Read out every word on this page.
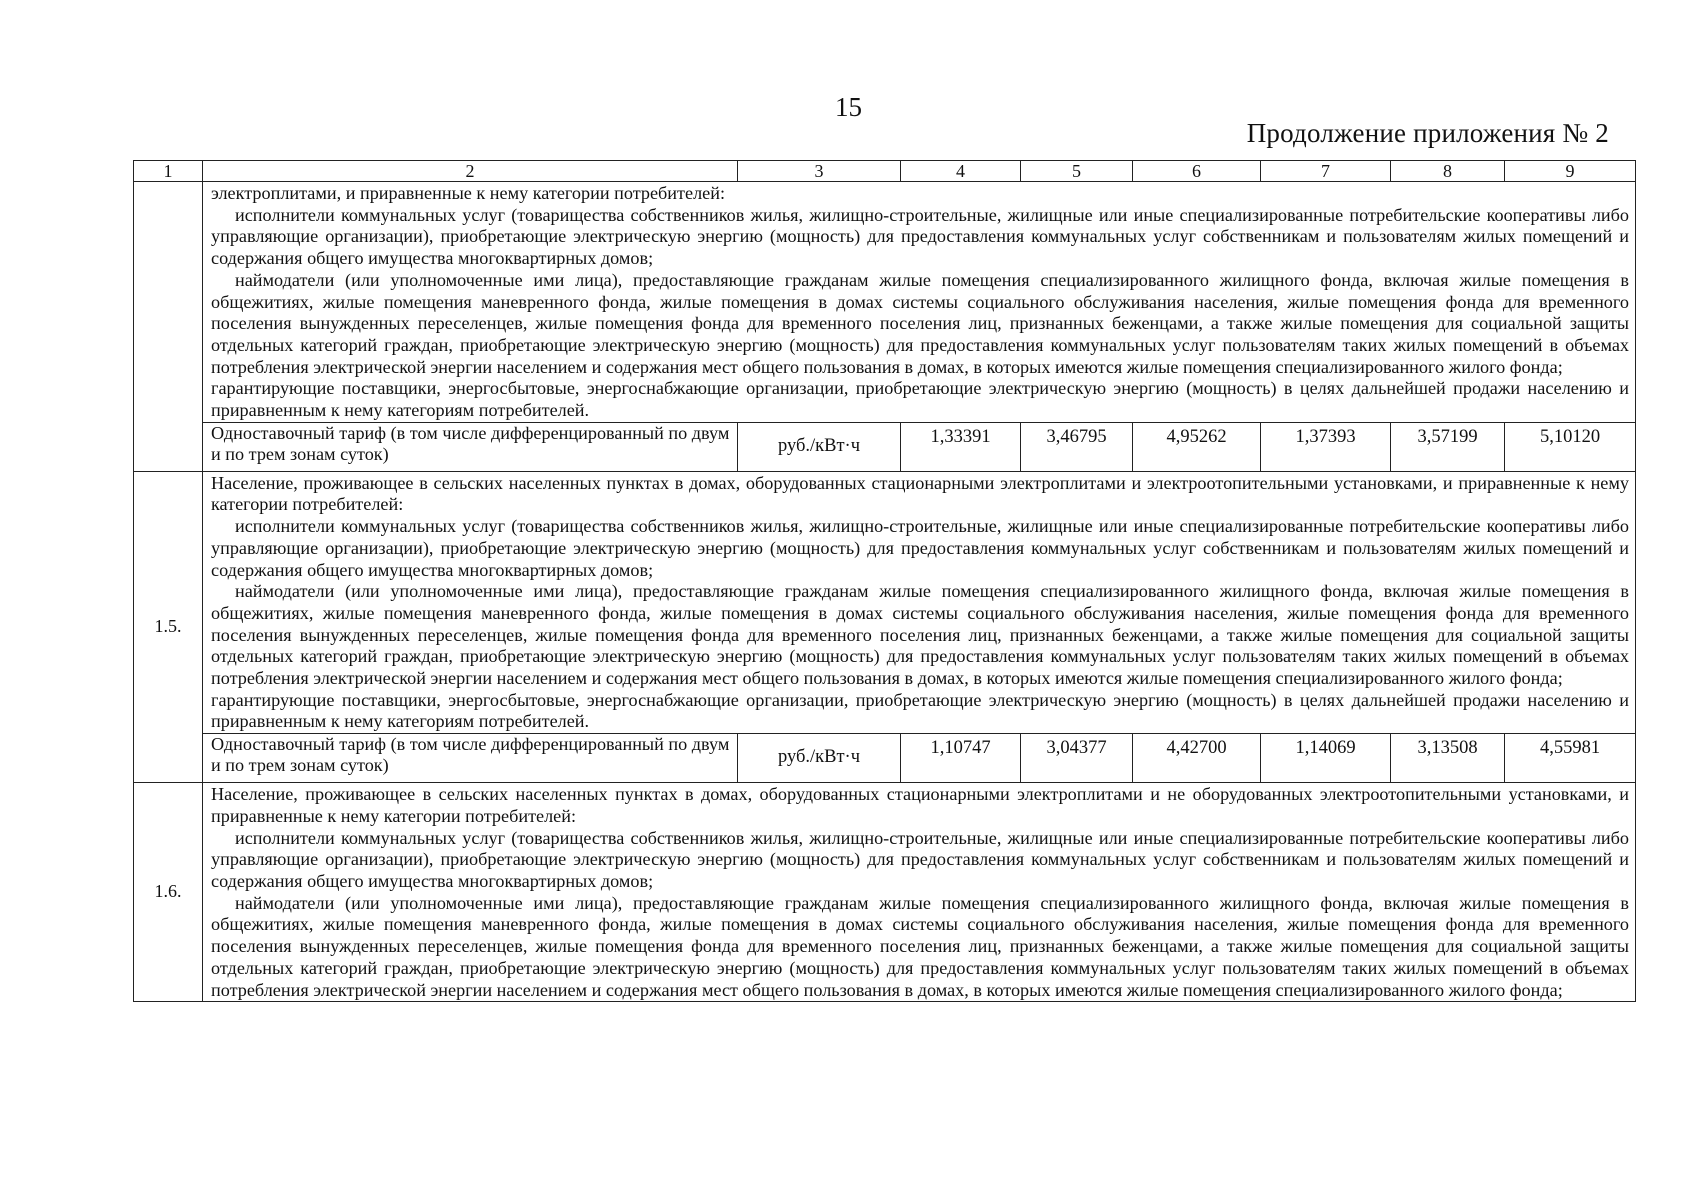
15
Продолжение приложения № 2
1	2	3	4	5	6	7	8	9

	электроплитами, и приравненные к нему категории потребителей:

исполнители коммунальных услуг (товарищества собственников жилья, жилищно-строительные, жилищные или иные специализированные потребительские кооперативы либо управляющие организации), приобретающие электрическую энергию (мощность) для предоставления коммунальных услуг собственникам и пользователям жилых помещений и содержания общего имущества многоквартирных домов;

наймодатели (или уполномоченные ими лица), предоставляющие гражданам жилые помещения специализированного жилищного фонда, включая жилые помещения в общежитиях, жилые помещения маневренного фонда, жилые помещения в домах системы социального обслуживания населения, жилые помещения фонда для временного поселения вынужденных переселенцев, жилые помещения фонда для временного поселения лиц, признанных беженцами, а также жилые помещения для социальной защиты отдельных категорий граждан, приобретающие электрическую энергию (мощность) для предоставления коммунальных услуг пользователям таких жилых помещений в объемах потребления электрической энергии населением и содержания мест общего пользования в домах, в которых имеются жилые помещения специализированного жилого фонда;

гарантирующие поставщики, энергосбытовые, энергоснабжающие организации, приобретающие электрическую энергию (мощность) в целях дальнейшей продажи населению и приравненным к нему категориям потребителей.							

	Одноставочный тариф (в том числе дифференцированный по двум и по трем зонам суток)	руб./кВт·ч	1,33391	3,46795	4,95262	1,37393	3,57199	5,10120
1.5.	Население, проживающее в сельских населенных пунктах в домах, оборудованных стационарными электроплитами и электроотопительными установками, и приравненные к нему категории потребителей:

исполнители коммунальных услуг (товарищества собственников жилья, жилищно-строительные, жилищные или иные специализированные потребительские кооперативы либо управляющие организации), приобретающие электрическую энергию (мощность) для предоставления коммунальных услуг собственникам и пользователям жилых помещений и содержания общего имущества многоквартирных домов;

наймодатели (или уполномоченные ими лица), предоставляющие гражданам жилые помещения специализированного жилищного фонда, включая жилые помещения в общежитиях, жилые помещения маневренного фонда, жилые помещения в домах системы социального обслуживания населения, жилые помещения фонда для временного поселения вынужденных переселенцев, жилые помещения фонда для временного поселения лиц, признанных беженцами, а также жилые помещения для социальной защиты отдельных категорий граждан, приобретающие электрическую энергию (мощность) для предоставления коммунальных услуг пользователям таких жилых помещений в объемах потребления электрической энергии населением и содержания мест общего пользования в домах, в которых имеются жилые помещения специализированного жилого фонда;

гарантирующие поставщики, энергосбытовые, энергоснабжающие организации, приобретающие электрическую энергию (мощность) в целях дальнейшей продажи населению и приравненным к нему категориям потребителей.							

	Одноставочный тариф (в том числе дифференцированный по двум и по трем зонам суток)	руб./кВт·ч	1,10747	3,04377	4,42700	1,14069	3,13508	4,55981
1.6.	Население, проживающее в сельских населенных пунктах в домах, оборудованных стационарными электроплитами и не оборудованных электроотопительными установками, и приравненные к нему категории потребителей:

исполнители коммунальных услуг (товарищества собственников жилья, жилищно-строительные, жилищные или иные специализированные потребительские кооперативы либо управляющие организации), приобретающие электрическую энергию (мощность) для предоставления коммунальных услуг собственникам и пользователям жилых помещений и содержания общего имущества многоквартирных домов;

наймодатели (или уполномоченные ими лица), предоставляющие гражданам жилые помещения специализированного жилищного фонда, включая жилые помещения в общежитиях, жилые помещения маневренного фонда, жилые помещения в домах системы социального обслуживания населения, жилые помещения фонда для временного поселения вынужденных переселенцев, жилые помещения фонда для временного поселения лиц, признанных беженцами, а также жилые помещения для социальной защиты отдельных категорий граждан, приобретающие электрическую энергию (мощность) для предоставления коммунальных услуг пользователям таких жилых помещений в объемах потребления электрической энергии населением и содержания мест общего пользования в домах, в которых имеются жилые помещения специализированного жилого фонда;							
